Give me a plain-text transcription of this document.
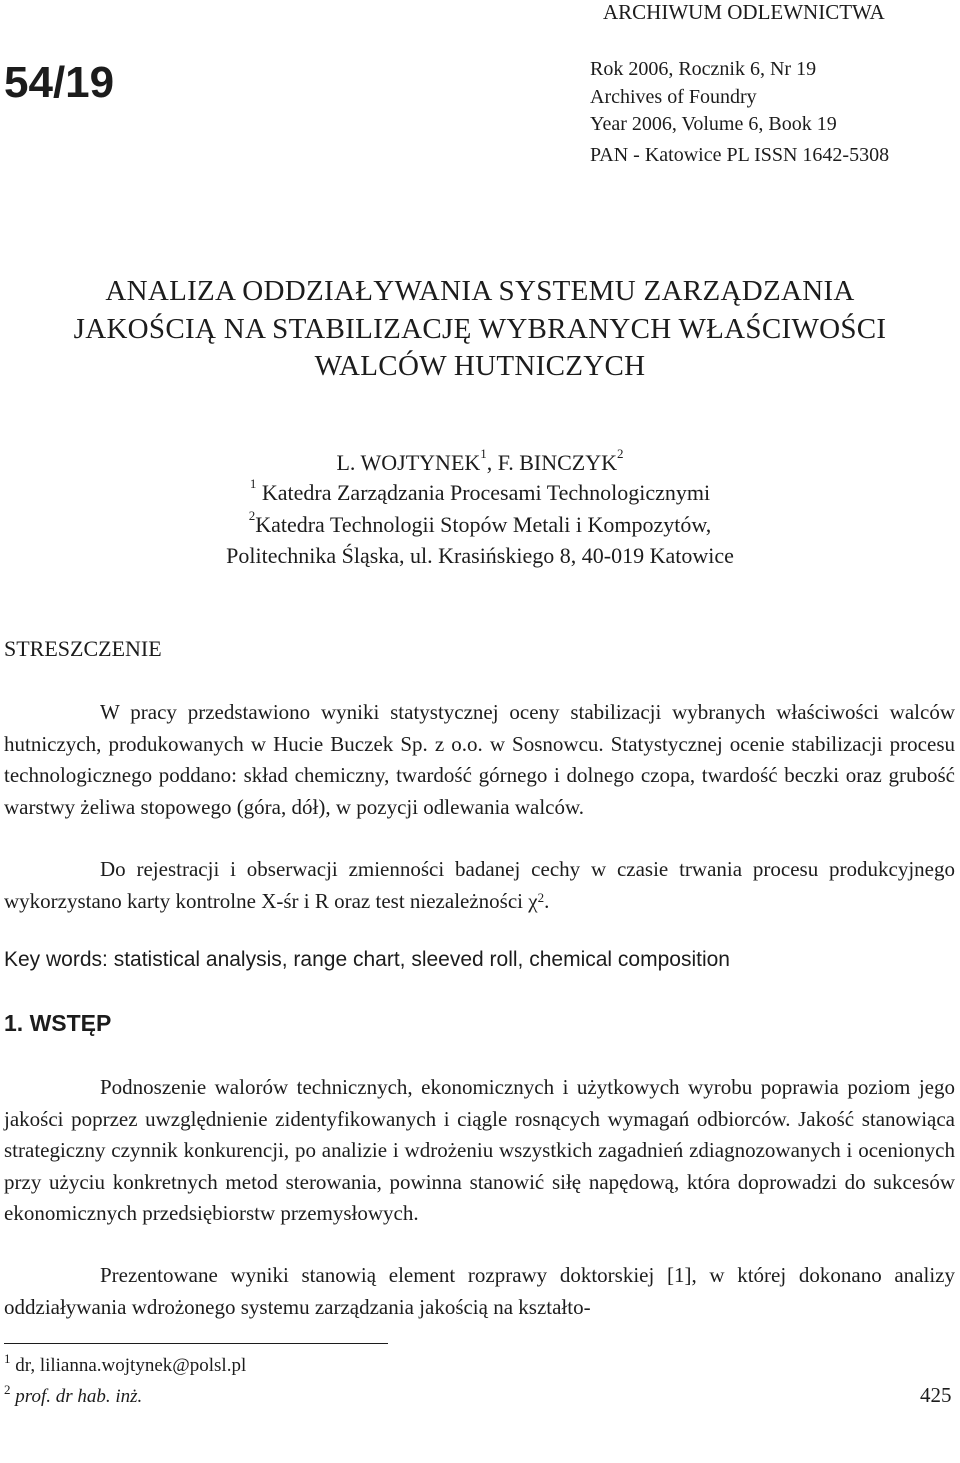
ARCHIWUM ODLEWNICTWA
54/19	Rok 2006, Rocznik 6, Nr 19
Archives of Foundry
Year 2006, Volume 6, Book 19
PAN - Katowice PL ISSN 1642-5308
ANALIZA ODDZIAŁYWANIA SYSTEMU ZARZĄDZANIA
JAKOŚCIĄ NA STABILIZACJĘ WYBRANYCH WŁAŚCIWOŚCI
WALCÓW HUTNICZYCH
L. WOJTYNEK$^1$, F. BINCZYK$^2$
$^1$ Katedra Zarządzania Procesami Technologicznymi
$^2$Katedra Technologii Stopów Metali i Kompozytów,
Politechnika Śląska, ul. Krasińskiego 8, 40-019 Katowice
STRESZCZENIE

W pracy przedstawiono wyniki statystycznej oceny stabilizacji wybranych właściwości walców hutniczych, produkowanych w Hucie Buczek Sp. z o.o. w Sosnowcu. Statystycznej ocenie stabilizacji procesu technologicznego poddano: skład chemiczny, twardość górnego i dolnego czopa, twardość beczki oraz grubość warstwy żeliwa stopowego (góra, dół), w pozycji odlewania walców.

Do rejestracji i obserwacji zmienności badanej cechy w czasie trwania procesu produkcyjnego wykorzystano karty kontrolne X-śr i R oraz test niezależności $\chi^2$.

Key words: statistical analysis, range chart, sleeved roll, chemical composition
1. WSTĘP

Podnoszenie walorów technicznych, ekonomicznych i użytkowych wyrobu poprawia poziom jego jakości poprzez uwzględnienie zidentyfikowanych i ciągle rosnących wymagań odbiorców. Jakość stanowiąca strategiczny czynnik konkurencji, po analizie i wdrożeniu wszystkich zagadnień zdiagnozowanych i ocenionych przy użyciu konkretnych metod sterowania, powinna stanowić siłę napędową, która doprowadzi do sukcesów ekonomicznych przedsiębiorstw przemysłowych.

Prezentowane wyniki stanowią element rozprawy doktorskiej [1], w której dokonano analizy oddziaływania wdrożonego systemu zarządzania jakością na kształto-

$^1$ dr, lilianna.wojtynek@polsl.pl
$^2$ prof. dr hab. inż.	425
